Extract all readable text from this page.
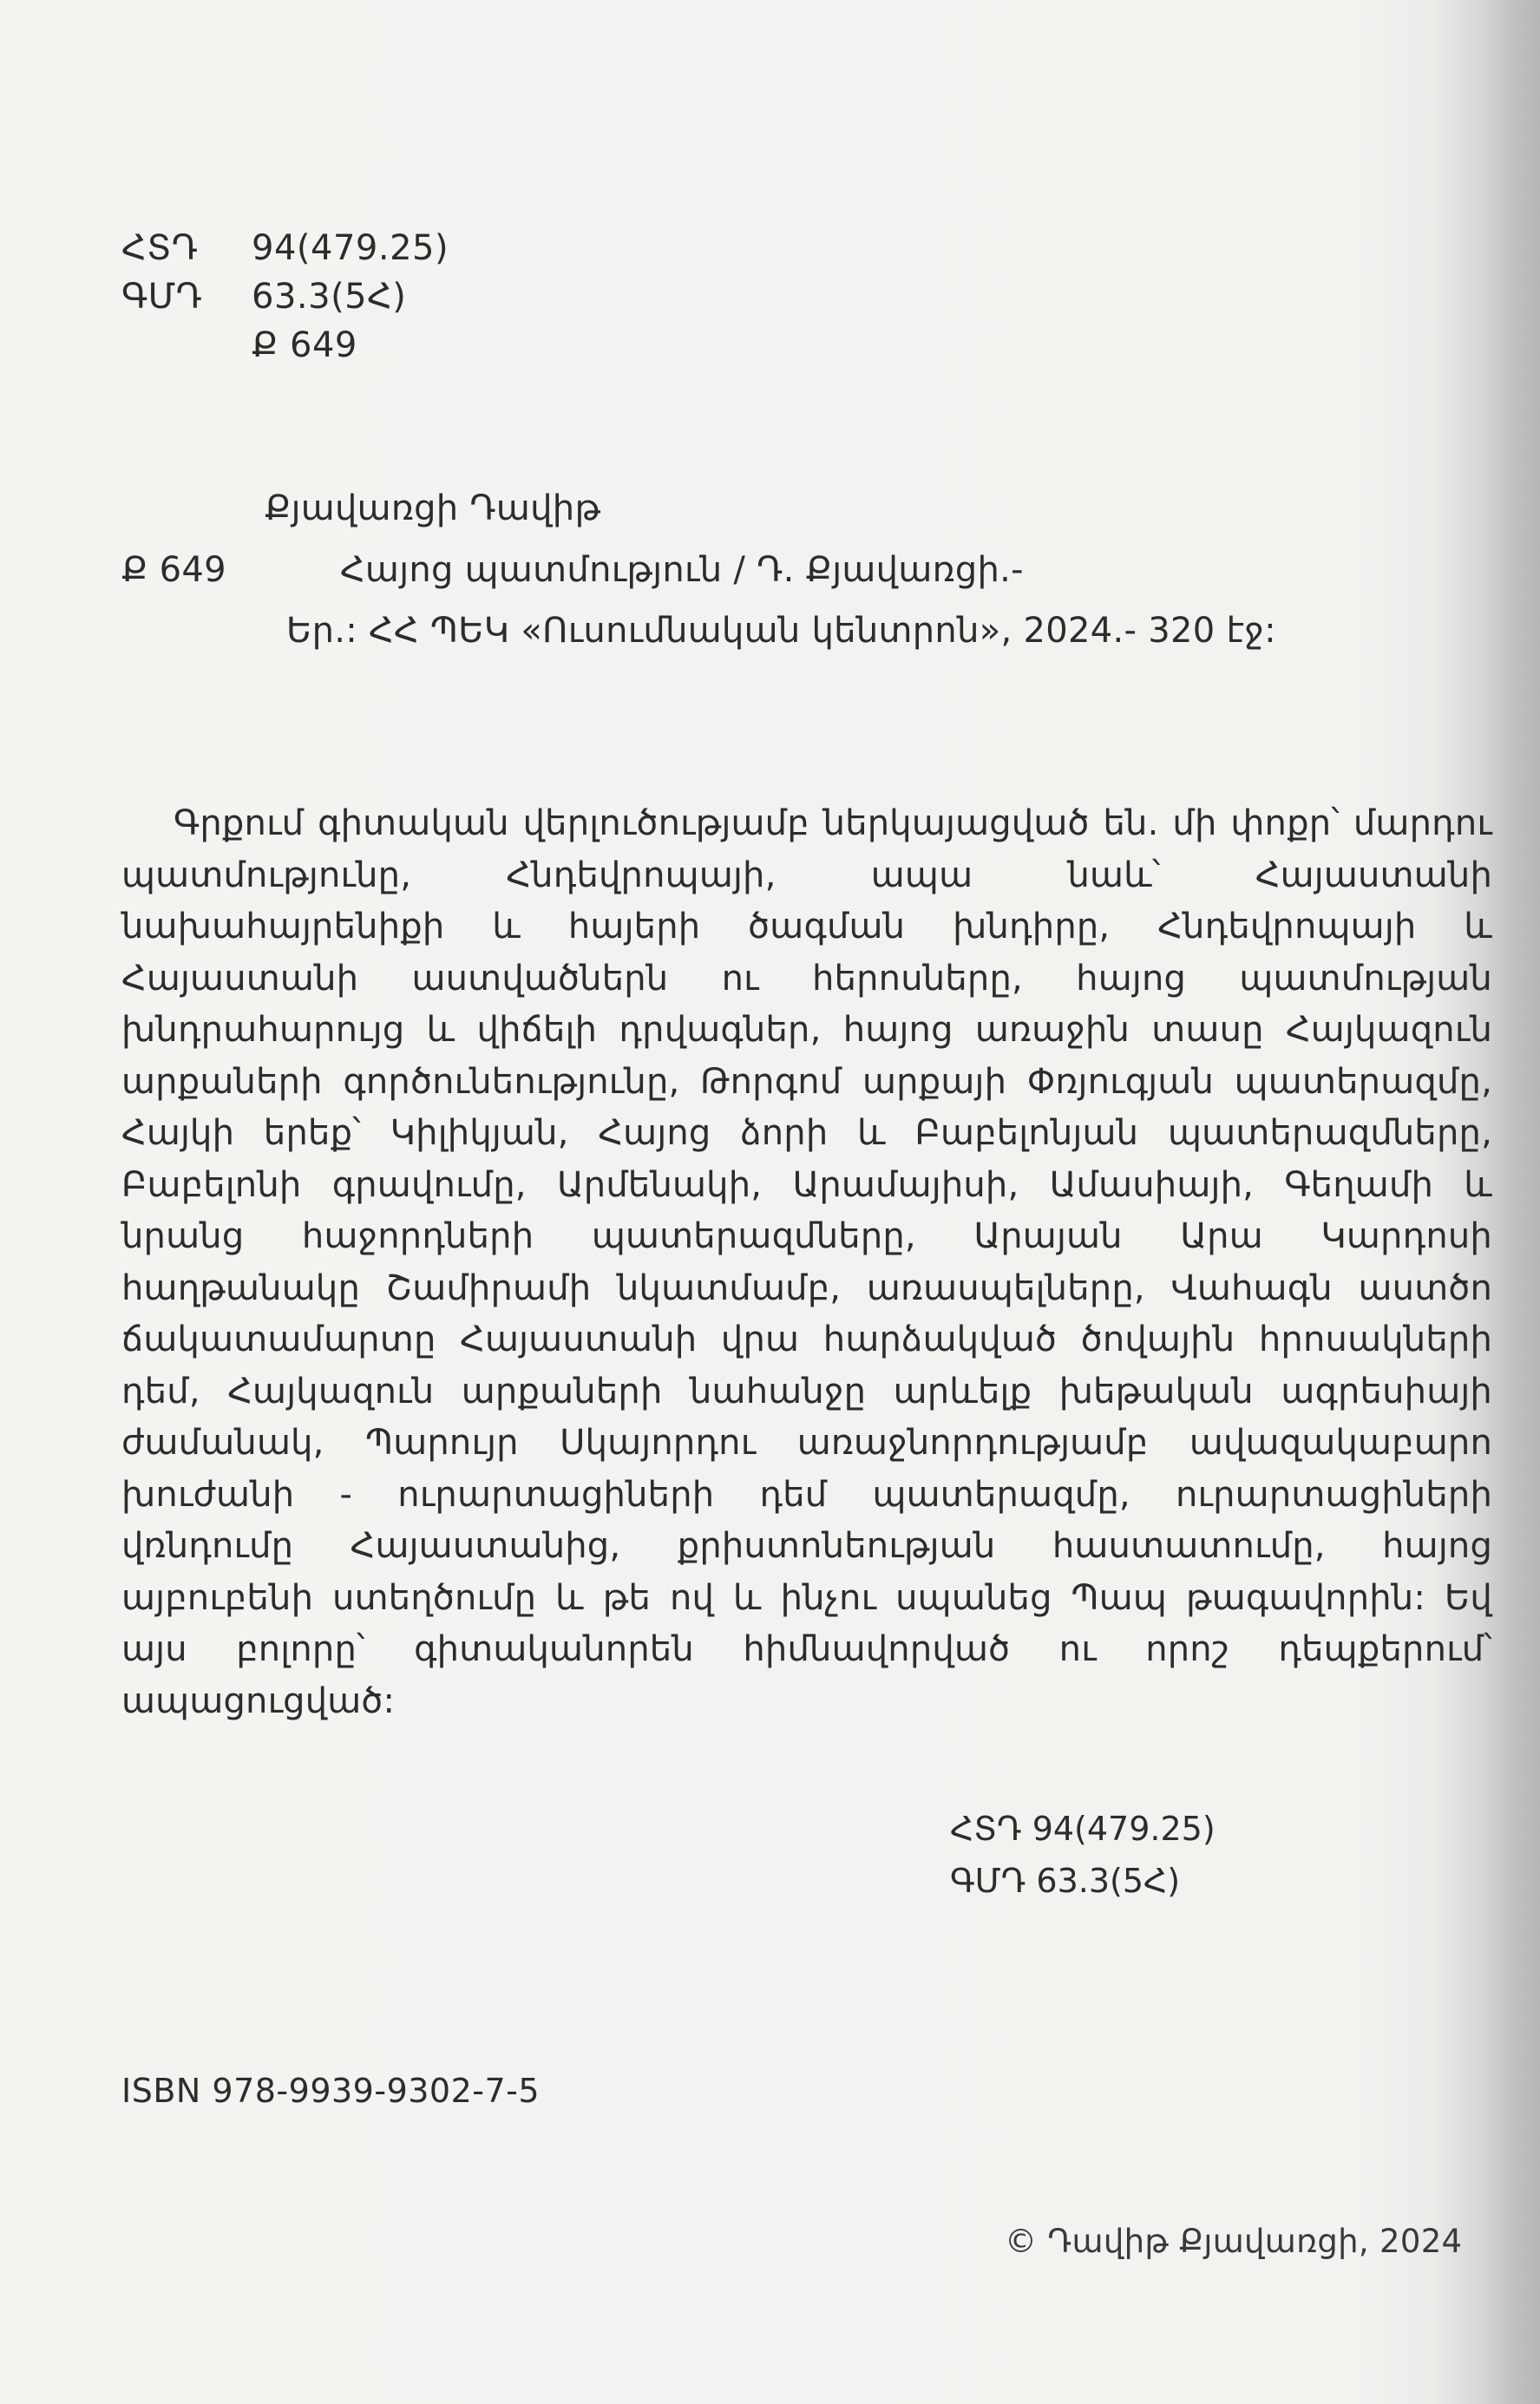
ՀՏԴ 94(479.25)
ԳՄԴ 63.3(5Հ)
Ք 649
Քյավառցի Դավիթ
Ք 649	Հայոց պատմություն / Դ. Քյավառցի.-
Եր.: ՀՀ ՊԵԿ «Ուսումնական կենտրոն», 2024.- 320 էջ:
Գրքում գիտական վերլուծությամբ ներկայացված են. մի փոքր՝ մարդու պատմությունը, Հնդեվրոպայի, ապա նաև՝ Հայաստանի նախահայրենիքի և հայերի ծագման խնդիրը, Հնդեվրոպայի և Հայաստանի աստվածներն ու հերոսները, հայոց պատմության խնդրահարույց և վիճելի դրվագներ, հայոց առաջին տասը Հայկազուն արքաների գործունեությունը, Թորգոմ արքայի Փռյուգյան պատերազմը, Հայկի երեք՝ Կիլիկյան, Հայոց ձորի և Բաբելոնյան պատերազմները, Բաբելոնի գրավումը, Արմենակի, Արամայիսի, Ամասիայի, Գեղամի և նրանց հաջորդների պատերազմները, Արայան Արա Կարդոսի հաղթանակը Շամիրամի նկատմամբ, առասպելները, Վահագն աստծո ճակատամարտը Հայաստանի վրա հարձակված ծովային հրոսակների դեմ, Հայկազուն արքաների նահանջը արևելք խեթական ագրեսիայի ժամանակ, Պարույր Սկայորդու առաջնորդությամբ ավազակաբարո խուժանի - ուրարտացիների դեմ պատերազմը, ուրարտացիների վռնդումը Հայաստանից, քրիստոնեության հաստատումը, հայոց այբուբենի ստեղծումը և թե ով և ինչու սպանեց Պապ թագավորին: Եվ այս բոլորը՝ գիտականորեն հիմնավորված ու որոշ դեպքերում՝ ապացուցված:
ՀՏԴ 94(479.25)
ԳՄԴ 63.3(5Հ)
ISBN 978-9939-9302-7-5
© Դավիթ Քյավառցի, 2024
